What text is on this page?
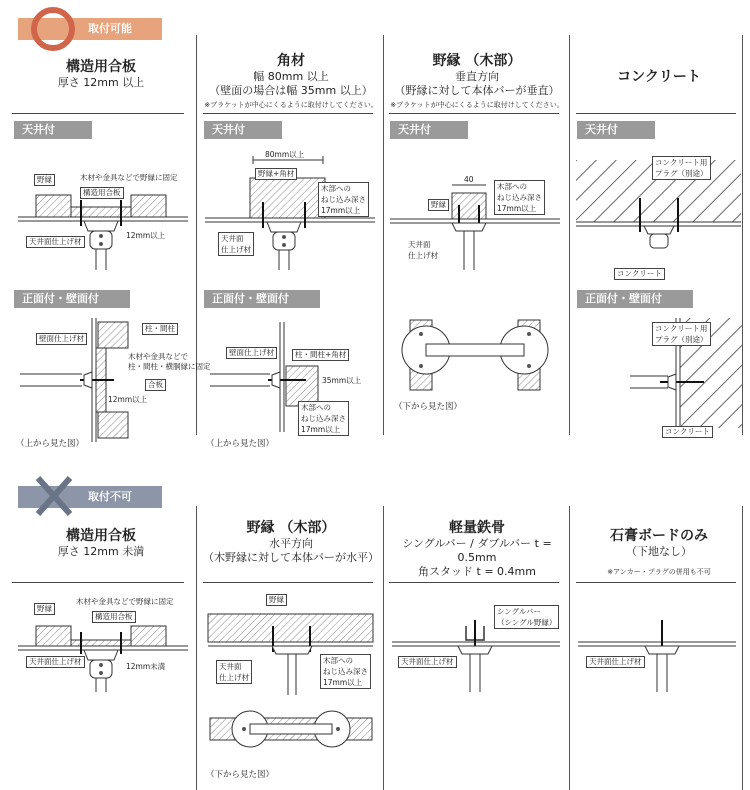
取付可能
構造用合板
厚さ 12mm 以上
角材
幅 80mm 以上
（壁面の場合は幅 35mm 以上）
※ブラケットが中心にくるように取付けしてください。
野縁 （木部）
垂直方向
（野縁に対して本体バーが垂直）
※ブラケットが中心にくるように取付けしてください。
コンクリート
天井付	天井付	天井付	天井付
正面付・壁面付	正面付・壁面付	正面付・壁面付
野縁	木材や金具などで野縁に固定
構造用合板
天井面仕上げ材
12mm以上
80mm以上
野縁+角材
木部への
ねじ込み深さ
17mm以上
天井面
仕上げ材
40
野縁
木部への
ねじ込み深さ
17mm以上
天井面
仕上げ材
（下から見た図）
コンクリート用
プラグ（別途）
コンクリート
コンクリート用
プラグ（別途）
コンクリート
壁面仕上げ材
柱・間柱
木材や金具などで
柱・間柱・横胴縁に固定
合板
12mm以上
（上から見た図）
壁面仕上げ材	柱・間柱+角材
35mm以上
木部への
ねじ込み深さ
17mm以上
（上から見た図）
取付不可
構造用合板
厚さ 12mm 未満
野縁 （木部）
水平方向
（木野縁に対して本体バーが水平）
軽量鉄骨
シングルバー / ダブルバー t = 0.5mm
角スタッド t = 0.4mm
石膏ボードのみ
（下地なし）
※アンカー・プラグの併用も不可
野縁
木材や金具などで野縁に固定
構造用合板
天井面仕上げ材
12mm未満
野縁
天井面
仕上げ材
木部への
ねじ込み深さ
17mm以上
（下から見た図）
シングルバー
（シングル野縁）
天井面仕上げ材	天井面仕上げ材
